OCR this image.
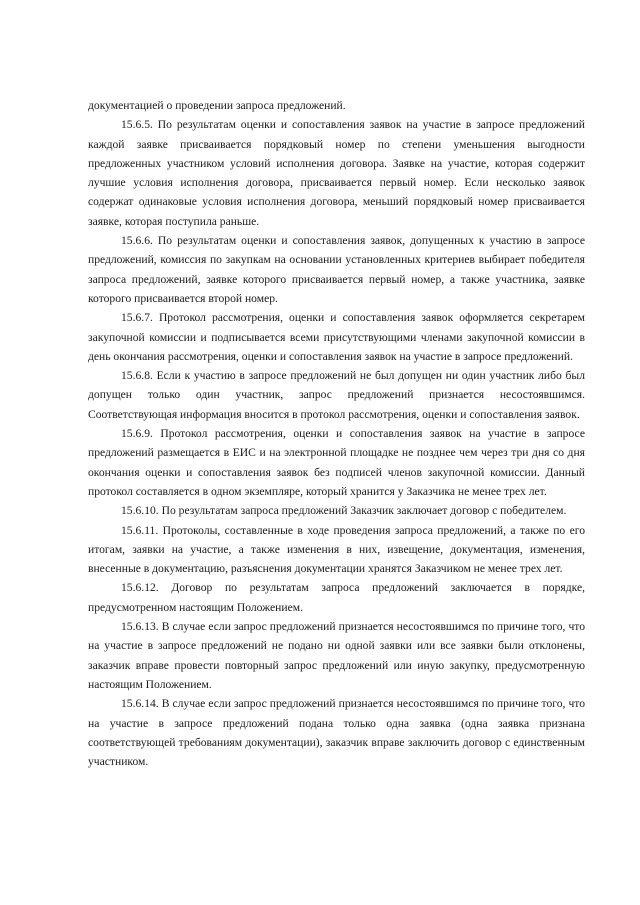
документацией о проведении запроса предложений.

15.6.5. По результатам оценки и сопоставления заявок на участие в запросе предложений каждой заявке присваивается порядковый номер по степени уменьшения выгодности предложенных участником условий исполнения договора. Заявке на участие, которая содержит лучшие условия исполнения договора, присваивается первый номер. Если несколько заявок содержат одинаковые условия исполнения договора, меньший порядковый номер присваивается заявке, которая поступила раньше.

15.6.6. По результатам оценки и сопоставления заявок, допущенных к участию в запросе предложений, комиссия по закупкам на основании установленных критериев выбирает победителя запроса предложений, заявке которого присваивается первый номер, а также участника, заявке которого присваивается второй номер.

15.6.7. Протокол рассмотрения, оценки и сопоставления заявок оформляется секретарем закупочной комиссии и подписывается всеми присутствующими членами закупочной комиссии в день окончания рассмотрения, оценки и сопоставления заявок на участие в запросе предложений.

15.6.8. Если к участию в запросе предложений не был допущен ни один участник либо был допущен только один участник, запрос предложений признается несостоявшимся. Соответствующая информация вносится в протокол рассмотрения, оценки и сопоставления заявок.

15.6.9. Протокол рассмотрения, оценки и сопоставления заявок на участие в запросе предложений размещается в ЕИС и на электронной площадке не позднее чем через три дня со дня окончания оценки и сопоставления заявок без подписей членов закупочной комиссии. Данный протокол составляется в одном экземпляре, который хранится у Заказчика не менее трех лет.

15.6.10. По результатам запроса предложений Заказчик заключает договор с победителем.

15.6.11. Протоколы, составленные в ходе проведения запроса предложений, а также по его итогам, заявки на участие, а также изменения в них, извещение, документация, изменения, внесенные в документацию, разъяснения документации хранятся Заказчиком не менее трех лет.

15.6.12. Договор по результатам запроса предложений заключается в порядке, предусмотренном настоящим Положением.

15.6.13. В случае если запрос предложений признается несостоявшимся по причине того, что на участие в запросе предложений не подано ни одной заявки или все заявки были отклонены, заказчик вправе провести повторный запрос предложений или иную закупку, предусмотренную настоящим Положением.

15.6.14. В случае если запрос предложений признается несостоявшимся по причине того, что на участие в запросе предложений подана только одна заявка (одна заявка признана соответствующей требованиям документации), заказчик вправе заключить договор с единственным участником.
